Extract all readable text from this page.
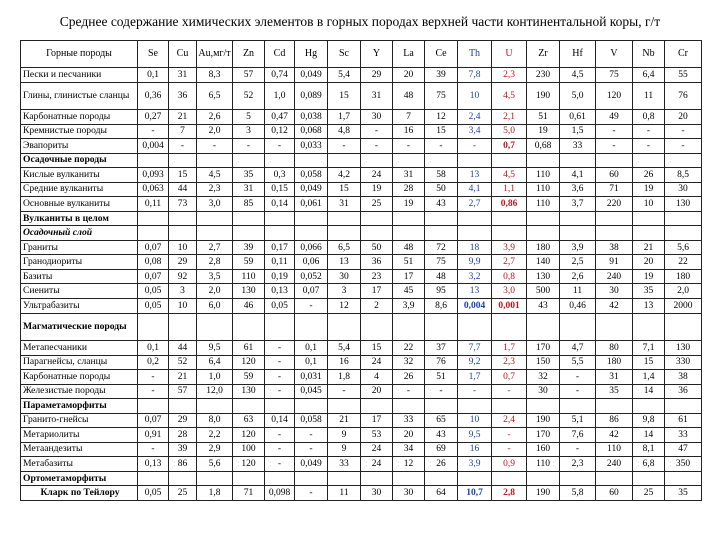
Среднее содержание химических элементов в горных породах верхней части континентальной коры, г/т
Горные породы	Se	Cu	Au,мг/т	Zn	Cd	Hg	Sc	Y	La	Ce	Th	U	Zr	Hf	V	Nb	Cr
Пески и песчаники	0,1	31	8,3	57	0,74	0,049	5,4	29	20	39	7,8	2,3	230	4,5	75	6,4	55
Глины, глинистые сланцы	0,36	36	6,5	52	1,0	0,089	15	31	48	75	10	4,5	190	5,0	120	11	76
Карбонатные породы	0,27	21	2,6	5	0,47	0,038	1,7	30	7	12	2,4	2,1	51	0,61	49	0,8	20
Кремнистые породы	-	7	2,0	3	0,12	0,068	4,8	-	16	15	3,4	5,0	19	1,5	-	-	-
Эвапориты	0,004	-	-	-	-	0,033	-	-	-	-	-	0,7	0,68	33	-	-	-
Осадочные породы																	
Кислые вулканиты	0,093	15	4,5	35	0,3	0,058	4,2	24	31	58	13	4,5	110	4,1	60	26	8,5
Средние вулканиты	0,063	44	2,3	31	0,15	0,049	15	19	28	50	4,1	1,1	110	3,6	71	19	30
Основные вулканиты	0,11	73	3,0	85	0,14	0,061	31	25	19	43	2,7	0,86	110	3,7	220	10	130
Вулканиты в целом																	
Осадочный слой																	
Граниты	0,07	10	2,7	39	0,17	0,066	6,5	50	48	72	18	3,9	180	3,9	38	21	5,6
Гранодиориты	0,08	29	2,8	59	0,11	0,06	13	36	51	75	9,9	2,7	140	2,5	91	20	22
Базиты	0,07	92	3,5	110	0,19	0,052	30	23	17	48	3,2	0,8	130	2,6	240	19	180
Сиениты	0,05	3	2,0	130	0,13	0,07	3	17	45	95	13	3,0	500	11	30	35	2,0
Ультрабазиты	0,05	10	6,0	46	0,05	-	12	2	3,9	8,6	0,004	0,001	43	0,46	42	13	2000
Магматические породы																	
Метапесчаники	0,1	44	9,5	61	-	0,1	5,4	15	22	37	7,7	1,7	170	4,7	80	7,1	130
Парагнейсы, сланцы	0,2	52	6,4	120	-	0,1	16	24	32	76	9,2	2,3	150	5,5	180	15	330
Карбонатные породы	-	21	1,0	59	-	0,031	1,8	4	26	51	1,7	0,7	32	-	31	1,4	38
Железистые породы	-	57	12,0	130	-	0,045	-	20	-	-	-	-	30	-	35	14	36
Параметаморфиты																	
Гранито-гнейсы	0,07	29	8,0	63	0,14	0,058	21	17	33	65	10	2,4	190	5,1	86	9,8	61
Метариолиты	0,91	28	2,2	120	-	-	9	53	20	43	9,5	-	170	7,6	42	14	33
Метаандезиты	-	39	2,9	100	-	-	9	24	34	69	16	-	160	-	110	8,1	47
Метабазиты	0,13	86	5,6	120	-	0,049	33	24	12	26	3,9	0,9	110	2,3	240	6,8	350
Ортометаморфиты																	
Кларк по Тейлору	0,05	25	1,8	71	0,098	-	11	30	30	64	10,7	2,8	190	5,8	60	25	35
